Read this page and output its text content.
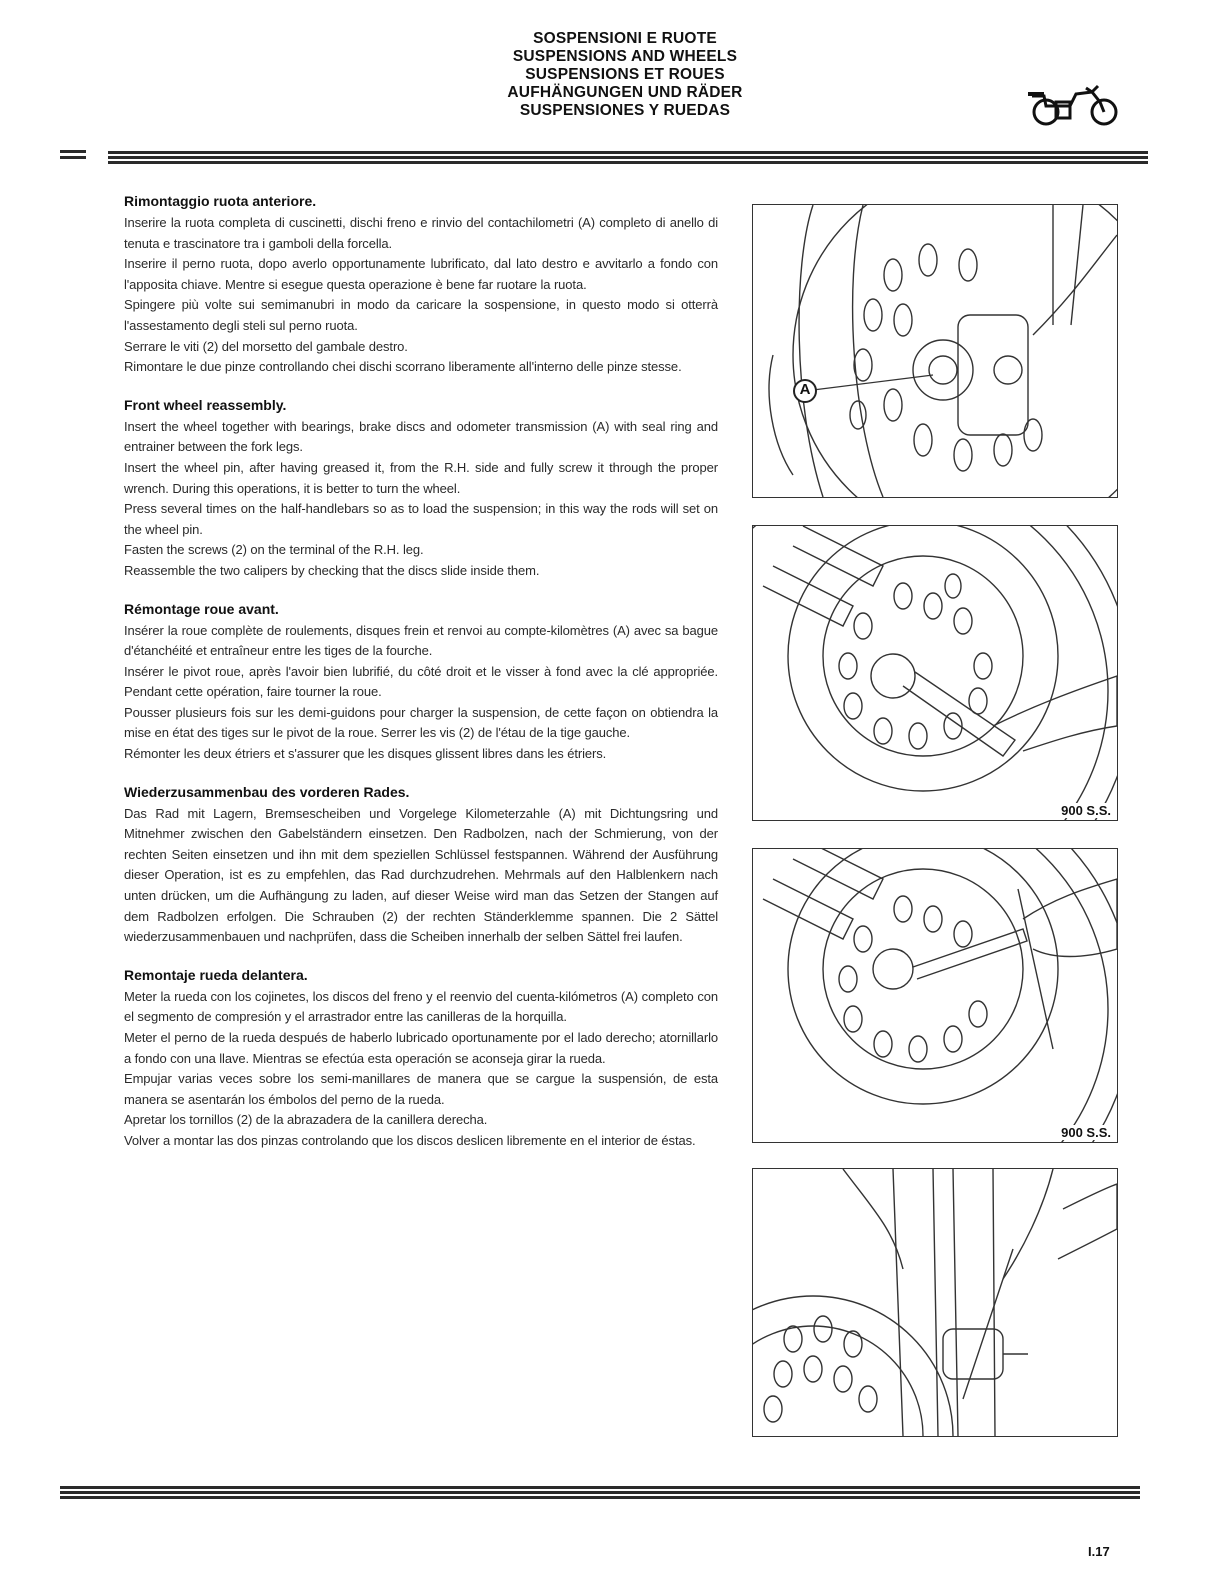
SOSPENSIONI E RUOTE
SUSPENSIONS AND WHEELS
SUSPENSIONS ET ROUES
AUFHÄNGUNGEN UND RÄDER
SUSPENSIONES Y RUEDAS
Rimontaggio ruota anteriore.

Inserire la ruota completa di cuscinetti, dischi freno e rinvio del contachilometri (A) completo di anello di tenuta e trascinatore tra i gamboli della forcella.

Inserire il perno ruota, dopo averlo opportunamente lubrificato, dal lato destro e avvitarlo a fondo con l'apposita chiave. Mentre si esegue questa operazione è bene far ruotare la ruota.

Spingere più volte sui semimanubri in modo da caricare la sospensione, in questo modo si otterrà l'assestamento degli steli sul perno ruota.

Serrare le viti (2) del morsetto del gambale destro.

Rimontare le due pinze controllando chei dischi scorrano liberamente all'interno delle pinze stesse.

Front wheel reassembly.

Insert the wheel together with bearings, brake discs and odometer transmission (A) with seal ring and entrainer between the fork legs.

Insert the wheel pin, after having greased it, from the R.H. side and fully screw it through the proper wrench. During this operations, it is better to turn the wheel.

Press several times on the half-handlebars so as to load the suspension; in this way the rods will set on the wheel pin.

Fasten the screws (2) on the terminal of the R.H. leg.

Reassemble the two calipers by checking that the discs slide inside them.

Rémontage roue avant.

Insérer la roue complète de roulements, disques frein et renvoi au compte-kilomètres (A) avec sa bague d'étanchéité et entraîneur entre les tiges de la fourche.

Insérer le pivot roue, après l'avoir bien lubrifié, du côté droit et le visser à fond avec la clé appropriée. Pendant cette opération, faire tourner la roue.

Pousser plusieurs fois sur les demi-guidons pour charger la suspension, de cette façon on obtiendra la mise en état des tiges sur le pivot de la roue. Serrer les vis (2) de l'étau de la tige gauche.

Rémonter les deux étriers et s'assurer que les disques glissent libres dans les étriers.

Wiederzusammenbau des vorderen Rades.

Das Rad mit Lagern, Bremsescheiben und Vorgelege Kilometerzahle (A) mit Dichtungsring und Mitnehmer zwischen den Gabelständern einsetzen. Den Radbolzen, nach der Schmierung, von der rechten Seiten einsetzen und ihn mit dem speziellen Schlüssel festspannen. Während der Ausführung dieser Operation, ist es zu empfehlen, das Rad durchzudrehen. Mehrmals auf den Halblenkern nach unten drücken, um die Aufhängung zu laden, auf dieser Weise wird man das Setzen der Stangen auf dem Radbolzen erfolgen. Die Schrauben (2) der rechten Ständerklemme spannen. Die 2 Sättel wiederzusammenbauen und nachprüfen, dass die Scheiben innerhalb der selben Sättel frei laufen.

Remontaje rueda delantera.

Meter la rueda con los cojinetes, los discos del freno y el reenvio del cuenta-kilómetros (A) completo con el segmento de compresión y el arrastrador entre las canilleras de la horquilla.

Meter el perno de la rueda después de haberlo lubricado oportunamente por el lado derecho; atornillarlo a fondo con una llave. Mientras se efectúa esta operación se aconseja girar la rueda.

Empujar varias veces sobre los semi-manillares de manera que se cargue la suspensión, de esta manera se asentarán los émbolos del perno de la rueda.

Apretar los tornillos (2) de la abrazadera de la canillera derecha.

Volver a montar las dos pinzas controlando que los discos deslicen libremente en el interior de éstas.

A
900 S.S.
900 S.S.
I.17
